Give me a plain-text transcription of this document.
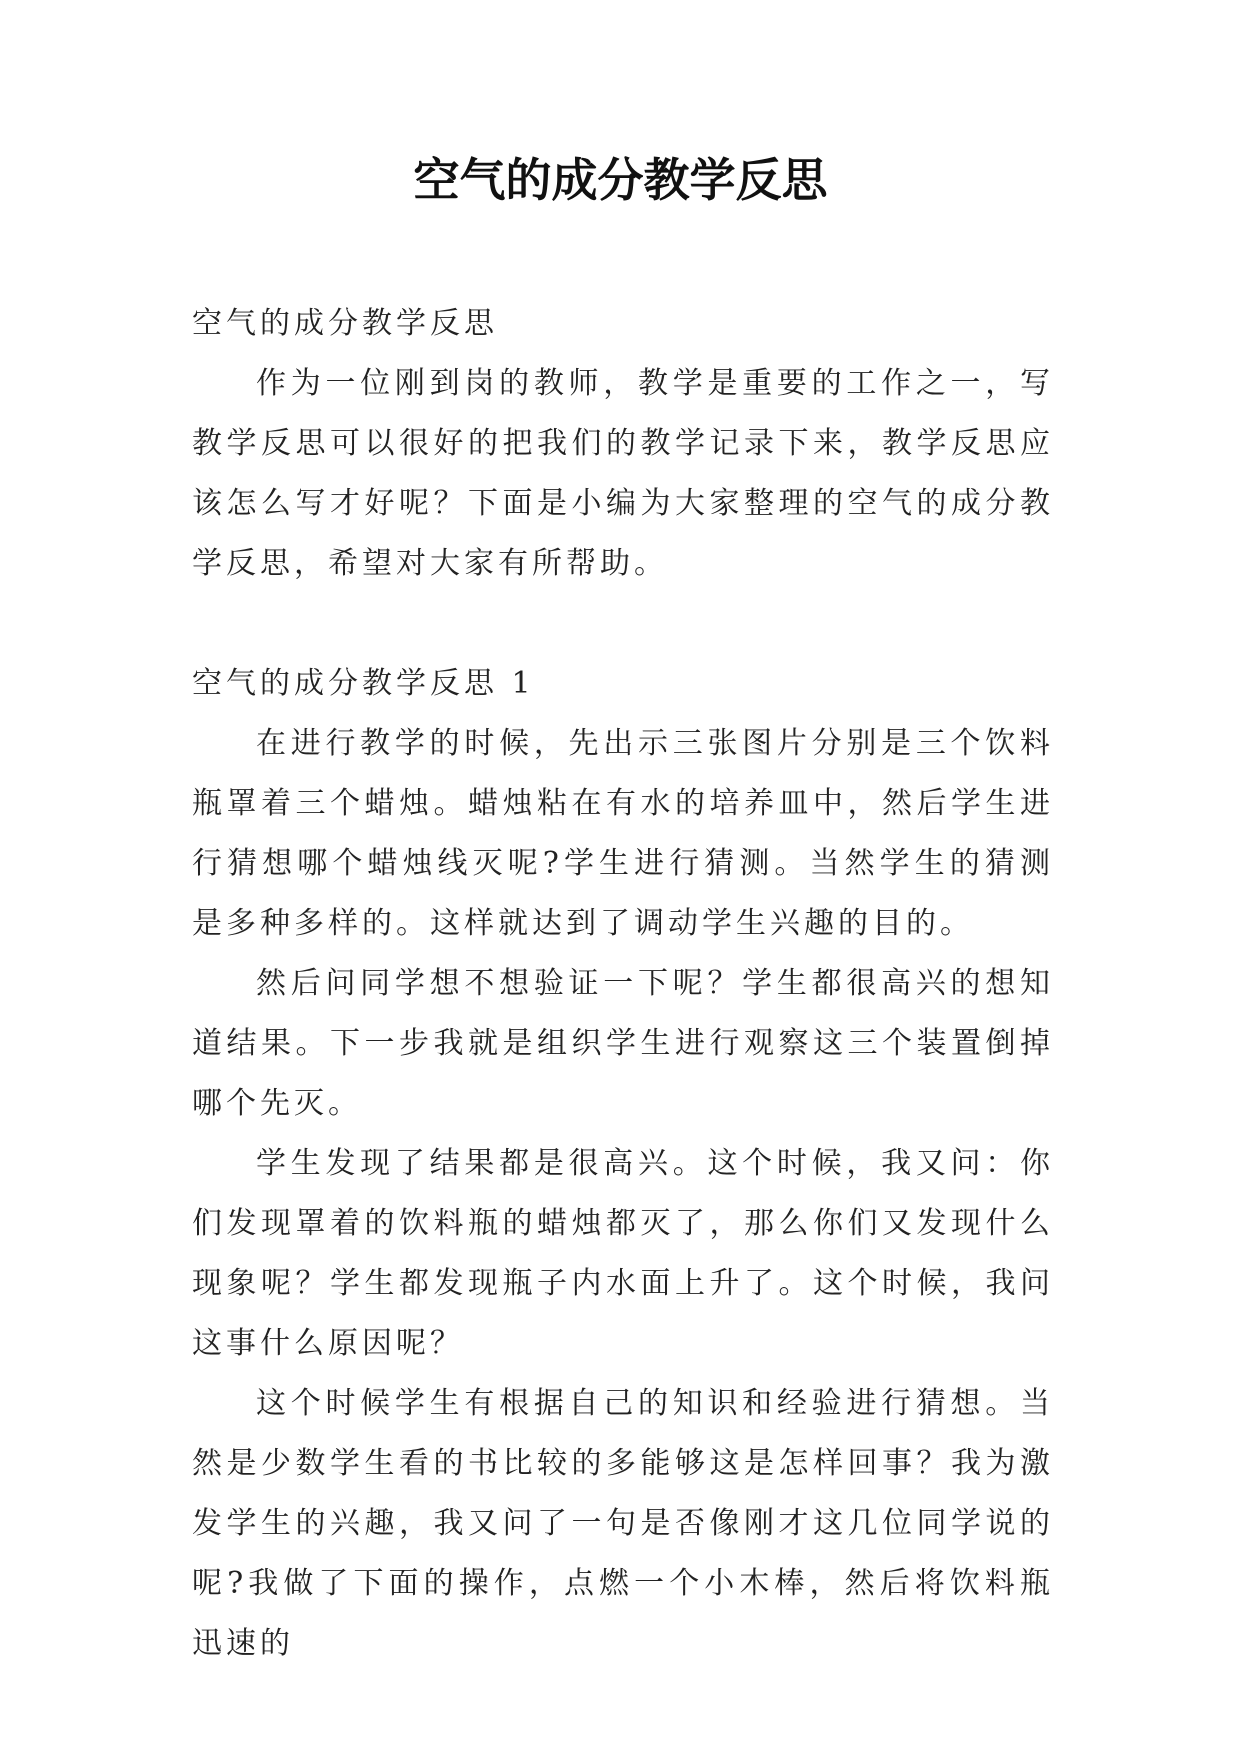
空气的成分教学反思

空气的成分教学反思

作为一位刚到岗的教师，教学是重要的工作之一，写教学反思可以很好的把我们的教学记录下来，教学反思应该怎么写才好呢？下面是小编为大家整理的空气的成分教学反思，希望对大家有所帮助。

空气的成分教学反思 1

在进行教学的时候，先出示三张图片分别是三个饮料瓶罩着三个蜡烛。蜡烛粘在有水的培养皿中，然后学生进行猜想哪个蜡烛线灭呢?学生进行猜测。当然学生的猜测是多种多样的。这样就达到了调动学生兴趣的目的。

然后问同学想不想验证一下呢？学生都很高兴的想知道结果。下一步我就是组织学生进行观察这三个装置倒掉哪个先灭。

学生发现了结果都是很高兴。这个时候，我又问：你们发现罩着的饮料瓶的蜡烛都灭了，那么你们又发现什么现象呢？学生都发现瓶子内水面上升了。这个时候，我问这事什么原因呢？

这个时候学生有根据自己的知识和经验进行猜想。当然是少数学生看的书比较的多能够这是怎样回事？我为激发学生的兴趣，我又问了一句是否像刚才这几位同学说的呢?我做了下面的操作，点燃一个小木棒，然后将饮料瓶迅速的
